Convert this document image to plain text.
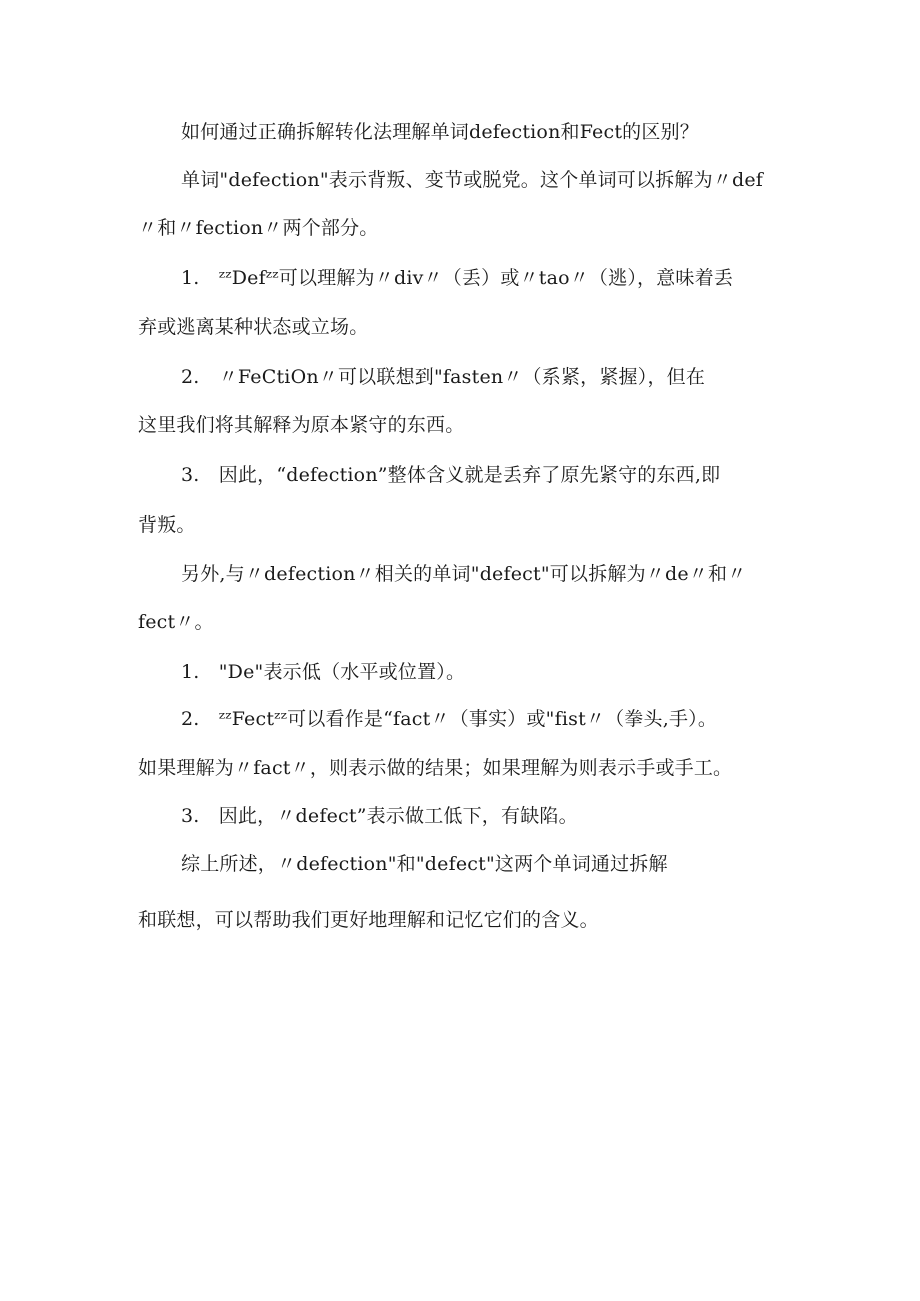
如何通过正确拆解转化法理解单词defection和Fect的区别？
单词"defection"表示背叛、变节或脱党。这个单词可以拆解为〃def
〃和〃fection〃两个部分。
1.　ᶻᶻDefᶻᶻ可以理解为〃div〃（丢）或〃tao〃（逃），意味着丢
弃或逃离某种状态或立场。
2.　〃FeCtiOn〃可以联想到"fasten〃（系紧，紧握），但在
这里我们将其解释为原本紧守的东西。
3.　因此，“defection”整体含义就是丢弃了原先紧守的东西,即
背叛。
另外,与〃defection〃相关的单词"defect"可以拆解为〃de〃和〃
fect〃。
1.　"De"表示低（水平或位置）。
2.　ᶻᶻFectᶻᶻ可以看作是“fact〃（事实）或"fist〃（拳头,手）。
如果理解为〃fact〃，则表示做的结果；如果理解为则表示手或手工。
3.　因此，〃defect”表示做工低下，有缺陷。
综上所述，〃defection"和"defect"这两个单词通过拆解
和联想，可以帮助我们更好地理解和记忆它们的含义。
